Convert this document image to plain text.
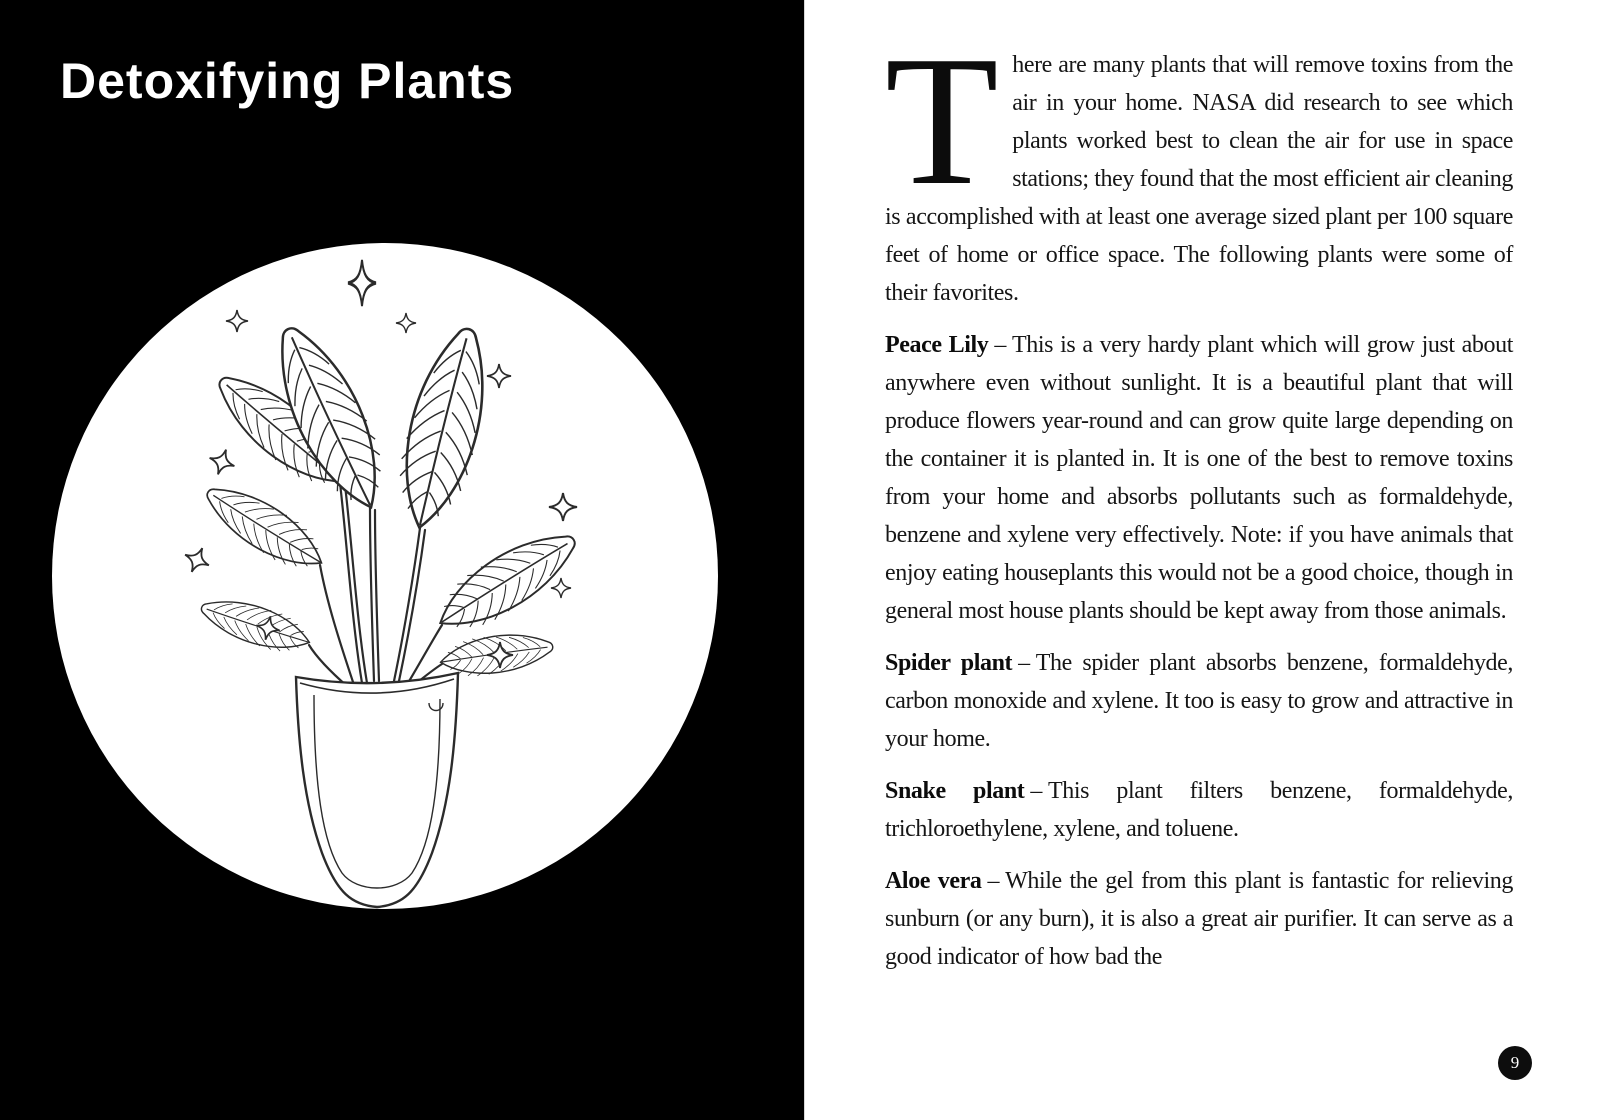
Detoxifying Plants	There are many plants that will remove toxins from the air in your home. NASA did research to see which plants worked best to clean the air for use in space stations; they found that the most efficient air cleaning is accomplished with at least one average sized plant per 100 square feet of home or office space. The following plants were some of their favorites.

Peace Lily – This is a very hardy plant which will grow just about anywhere even without sunlight. It is a beautiful plant that will produce flowers year-round and can grow quite large depending on the container it is planted in. It is one of the best to remove toxins from your home and absorbs pollutants such as formaldehyde, benzene and xylene very effectively. Note: if you have animals that enjoy eating houseplants this would not be a good choice, though in general most house plants should be kept away from those animals.

Spider plant – The spider plant absorbs benzene, formaldehyde, carbon monoxide and xylene. It too is easy to grow and attractive in your home.

Snake plant – This plant filters benzene, formaldehyde, trichloroethylene, xylene, and toluene.

Aloe vera – While the gel from this plant is fantastic for relieving sunburn (or any burn), it is also a great air purifier. It can serve as a good indicator of how bad the

9
